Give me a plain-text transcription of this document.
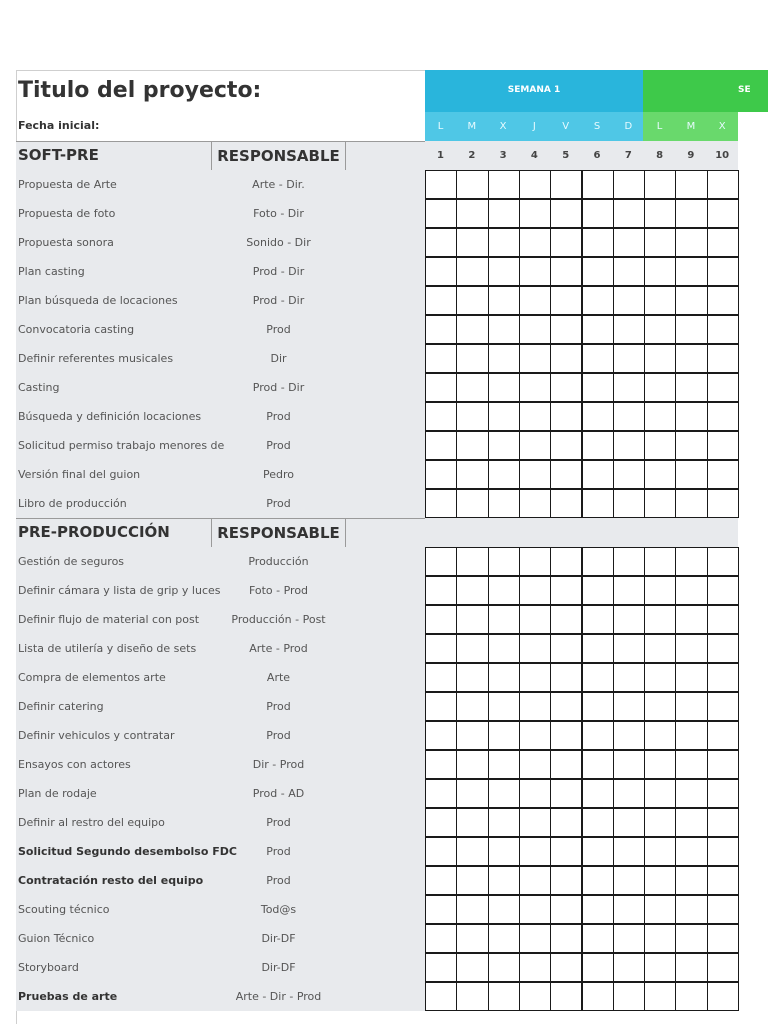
Titulo del proyecto:
Fecha inicial:
SEMANA 1	SE
L	M	X	J	V	S	D	L	M	X
1	2	3	4	5	6	7	8	9	10
SOFT-PRE	RESPONSABLE
Propuesta de Arte	Arte - Dir.
Propuesta de foto	Foto - Dir
Propuesta sonora	Sonido - Dir
Plan casting	Prod - Dir
Plan búsqueda de locaciones	Prod - Dir
Convocatoria casting	Prod
Definir referentes musicales	Dir
Casting	Prod - Dir
Búsqueda y definición locaciones	Prod
Solicitud permiso trabajo menores de	Prod
Versión final del guion	Pedro
Libro de producción	Prod
PRE-PRODUCCIÓN	RESPONSABLE
Gestión de seguros	Producción
Definir cámara y lista de grip y luces	Foto - Prod
Definir flujo de material con post	Producción - Post
Lista de utilería y diseño de sets	Arte - Prod
Compra de elementos arte	Arte
Definir catering	Prod
Definir vehiculos y contratar	Prod
Ensayos con actores	Dir - Prod
Plan de rodaje	Prod - AD
Definir al restro del equipo	Prod
Solicitud Segundo desembolso FDC	Prod
Contratación resto del equipo	Prod
Scouting técnico	Tod@s
Guion Técnico	Dir-DF
Storyboard	Dir-DF
Pruebas de arte	Arte - Dir - Prod
